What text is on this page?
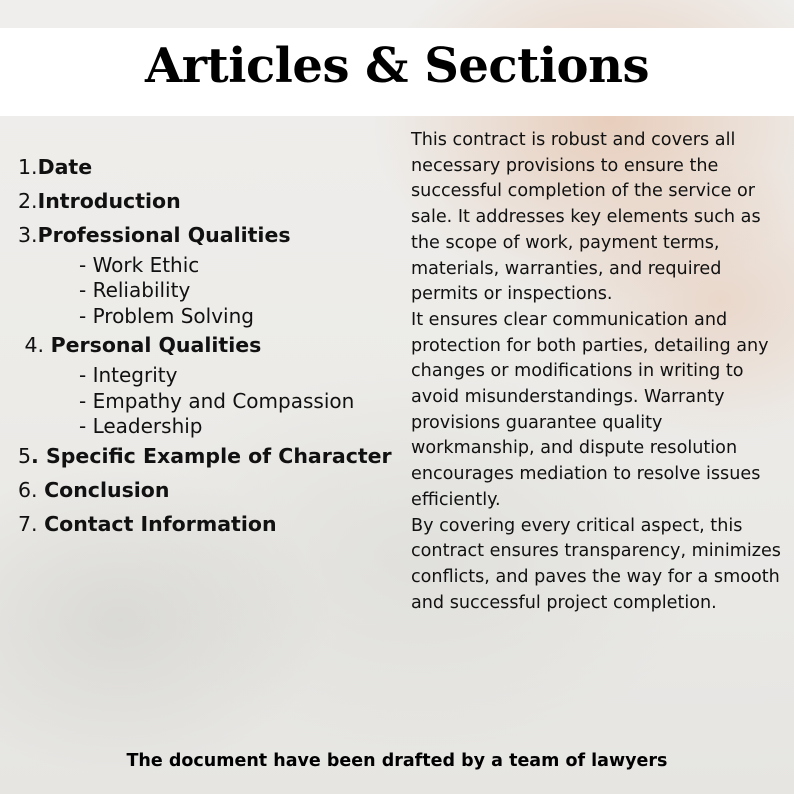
Articles & Sections
1. Date
2. Introduction
3. Professional Qualities
- Work Ethic
- Reliability
- Problem Solving
4. Personal Qualities
- Integrity
- Empathy and Compassion
- Leadership
5 . Specific Example of Character
6. Conclusion
7. Contact Information

This contract is robust and covers all necessary provisions to ensure the successful completion of the service or sale. It addresses key elements such as the scope of work, payment terms, materials, warranties, and required permits or inspections.

It ensures clear communication and protection for both parties, detailing any changes or modifications in writing to avoid misunderstandings. Warranty provisions guarantee quality workmanship, and dispute resolution encourages mediation to resolve issues efficiently.

By covering every critical aspect, this contract ensures transparency, minimizes conflicts, and paves the way for a smooth and successful project completion.

The document have been drafted by a team of lawyers
